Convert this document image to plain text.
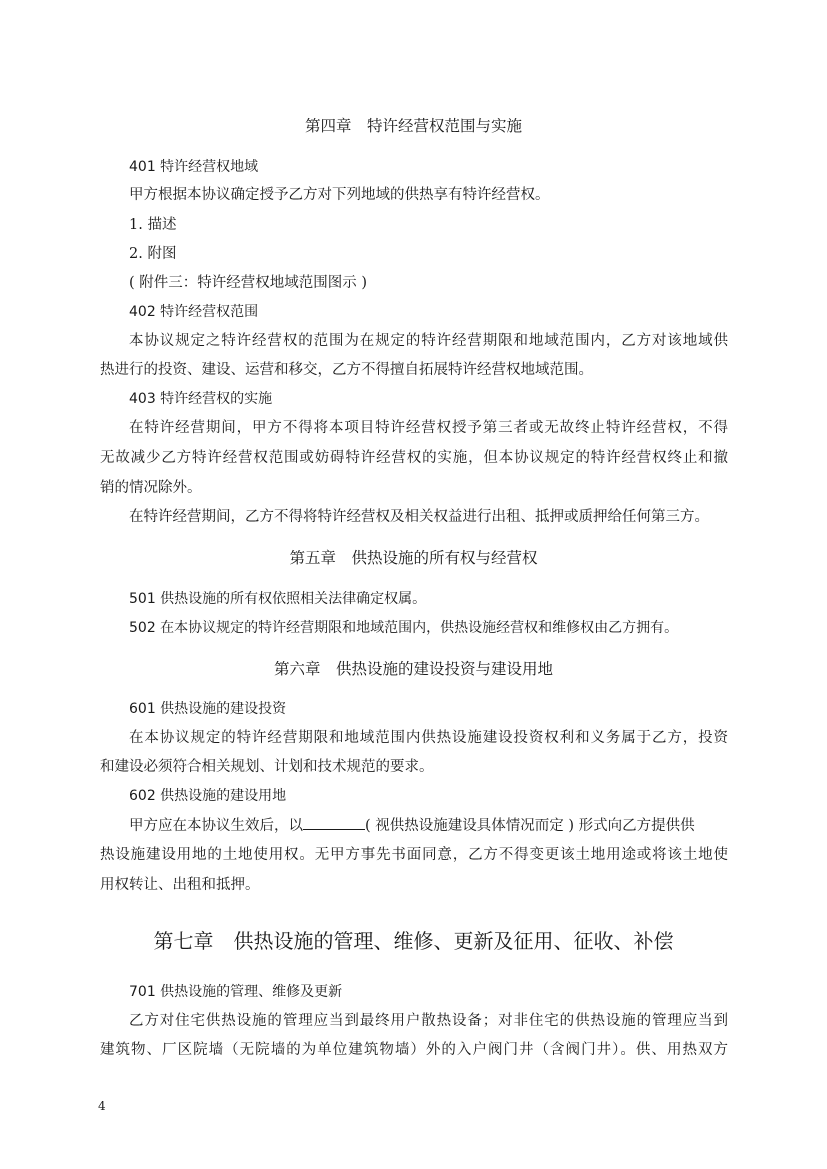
第四章　特许经营权范围与实施
401 特许经营权地域
甲方根据本协议确定授予乙方对下列地域的供热享有特许经营权。
1. 描述
2. 附图
( 附件三：特许经营权地域范围图示 )
402 特许经营权范围
本协议规定之特许经营权的范围为在规定的特许经营期限和地域范围内，乙方对该地域供
热进行的投资、建设、运营和移交，乙方不得擅自拓展特许经营权地域范围。
403 特许经营权的实施
在特许经营期间，甲方不得将本项目特许经营权授予第三者或无故终止特许经营权，不得
无故减少乙方特许经营权范围或妨碍特许经营权的实施，但本协议规定的特许经营权终止和撤
销的情况除外。
在特许经营期间，乙方不得将特许经营权及相关权益进行出租、抵押或质押给任何第三方。
第五章　供热设施的所有权与经营权
501 供热设施的所有权依照相关法律确定权属。
502 在本协议规定的特许经营期限和地域范围内，供热设施经营权和维修权由乙方拥有。
第六章　供热设施的建设投资与建设用地
601 供热设施的建设投资
在本协议规定的特许经营期限和地域范围内供热设施建设投资权利和义务属于乙方，投资
和建设必须符合相关规划、计划和技术规范的要求。
602 供热设施的建设用地
甲方应在本协议生效后，以	( 视供热设施建设具体情况而定 ) 形式向乙方提供供
热设施建设用地的土地使用权。无甲方事先书面同意，乙方不得变更该土地用途或将该土地使
用权转让、出租和抵押。
第七章　供热设施的管理、维修、更新及征用、征收、补偿
701 供热设施的管理、维修及更新
乙方对住宅供热设施的管理应当到最终用户散热设备；对非住宅的供热设施的管理应当到
建筑物、厂区院墙（无院墙的为单位建筑物墙）外的入户阀门井（含阀门井）。供、用热双方
4
